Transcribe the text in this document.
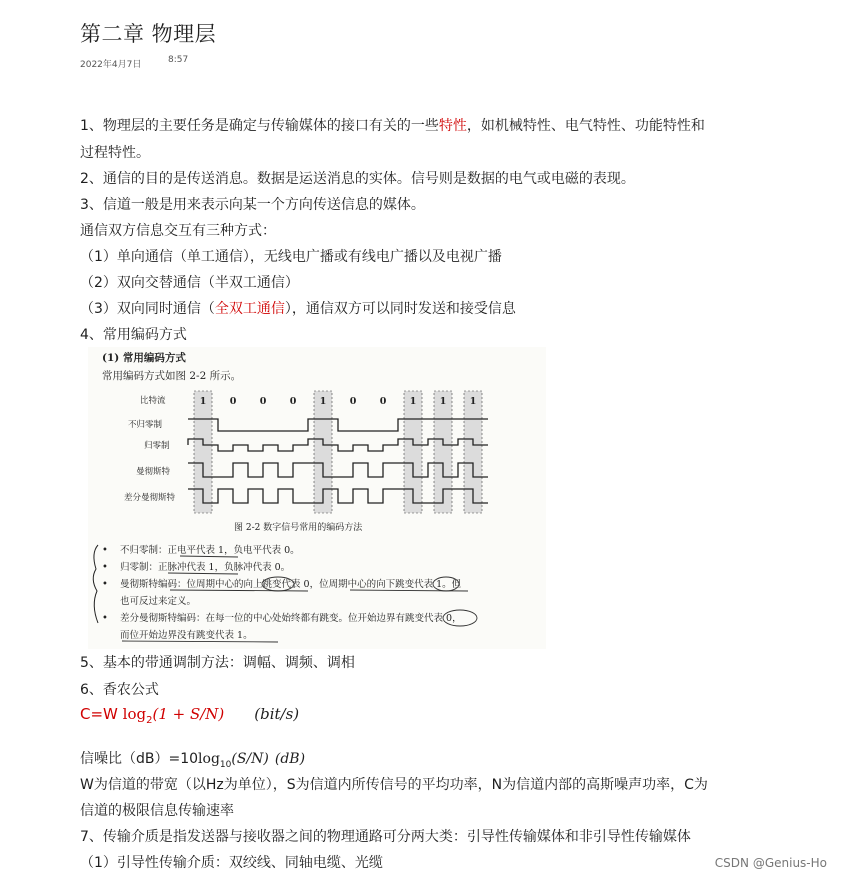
第二章 物理层
2022年4月7日	8:57
1、物理层的主要任务是确定与传输媒体的接口有关的一些特性，如机械特性、电气特性、功能特性和
过程特性。
2、通信的目的是传送消息。数据是运送消息的实体。信号则是数据的电气或电磁的表现。
3、信道一般是用来表示向某一个方向传送信息的媒体。
通信双方信息交互有三种方式：
（1）单向通信（单工通信），无线电广播或有线电广播以及电视广播
（2）双向交替通信（半双工通信）
（3）双向同时通信（全双工通信），通信双方可以同时发送和接受信息
4、常用编码方式
(1) 常用编码方式
常用编码方式如图 2-2 所示。
比特流	1 0 0 0 1 0 0 1 1 1
不归零制
归零制
曼彻斯特
差分曼彻斯特
图 2-2 数字信号常用的编码方法
• 不归零制：正电平代表 1，负电平代表 0。
• 归零制：正脉冲代表 1，负脉冲代表 0。
• 曼彻斯特编码：位周期中心的向上跳变代表 0，位周期中心的向下跳变代表 1。但
也可反过来定义。
• 差分曼彻斯特编码：在每一位的中心处始终都有跳变。位开始边界有跳变代表 0，
而位开始边界没有跳变代表 1。
5、基本的带通调制方法：调幅、调频、调相
6、香农公式
C=W $\log_2(1 + S/N)$ (bit/s)
信噪比$(dB)=10\log_{10}(S/N)$ (dB)
W为信道的带宽（以Hz为单位），S为信道内所传信号的平均功率，N为信道内部的高斯噪声功率，C为
信道的极限信息传输速率
7、传输介质是指发送器与接收器之间的物理通路可分两大类：引导性传输媒体和非引导性传输媒体
（1）引导性传输介质：双绞线、同轴电缆、光缆	CSDN @Genius-Ho
